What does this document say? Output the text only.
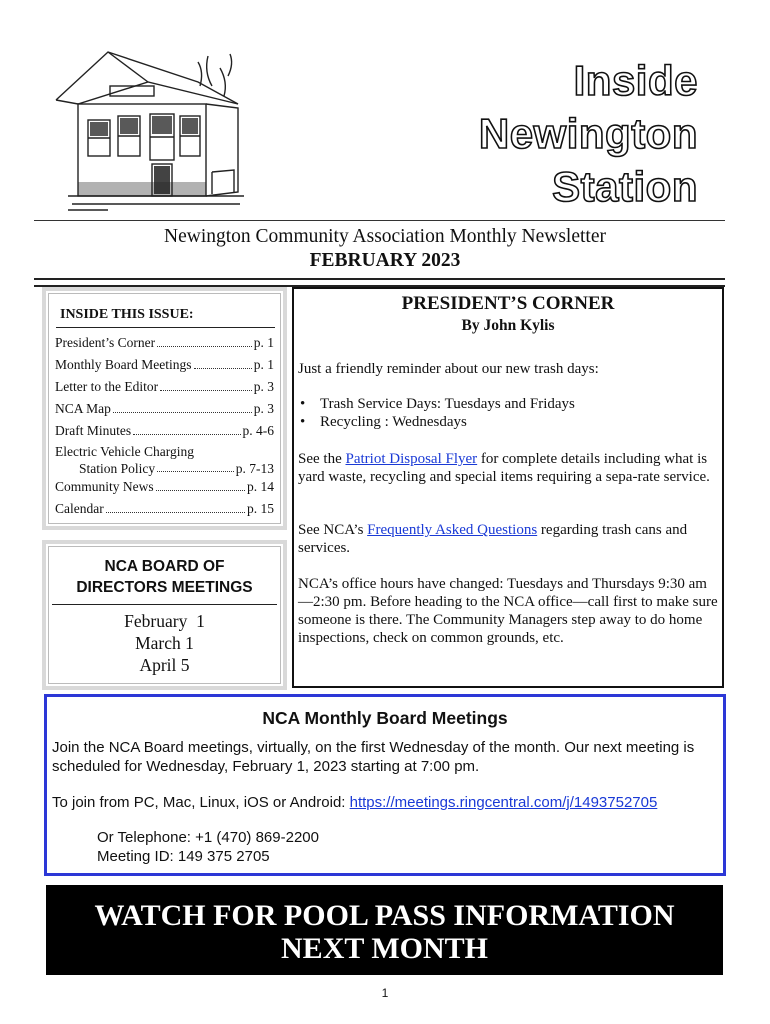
Inside
Newington
Station
Newington Community Association Monthly Newsletter
FEBRUARY 2023
INSIDE THIS ISSUE:
President’s Corner	p. 1
Monthly Board Meetings	p. 1
Letter to the Editor	p. 3
NCA Map	p. 3
Draft Minutes	p. 4-6
Electric Vehicle Charging
Station Policy	p. 7-13
Community News	p. 14
Calendar	p. 15
NCA BOARD OF
DIRECTORS MEETINGS
February  1
March 1
April 5
PRESIDENT’S CORNER
By John Kylis
Just a friendly reminder about our new trash days:
• Trash Service Days: Tuesdays and Fridays
• Recycling : Wednesdays
See the Patriot Disposal Flyer for complete details including what is yard waste, recycling and special items requiring a sepa-rate service.
See NCA’s Frequently Asked Questions regarding trash cans and services.
NCA’s office hours have changed: Tuesdays and Thursdays 9:30 am—2:30 pm. Before heading to the NCA office—call first to make sure someone is there. The Community Managers step away to do home inspections, check on common grounds, etc.
NCA Monthly Board Meetings
Join the NCA Board meetings, virtually, on the first Wednesday of the month. Our next meeting is scheduled for Wednesday, February 1, 2023 starting at 7:00 pm.
To join from PC, Mac, Linux, iOS or Android: https://meetings.ringcentral.com/j/1493752705
Or Telephone: +1 (470) 869-2200
Meeting ID: 149 375 2705
WATCH FOR POOL PASS INFORMATION
NEXT MONTH
1
